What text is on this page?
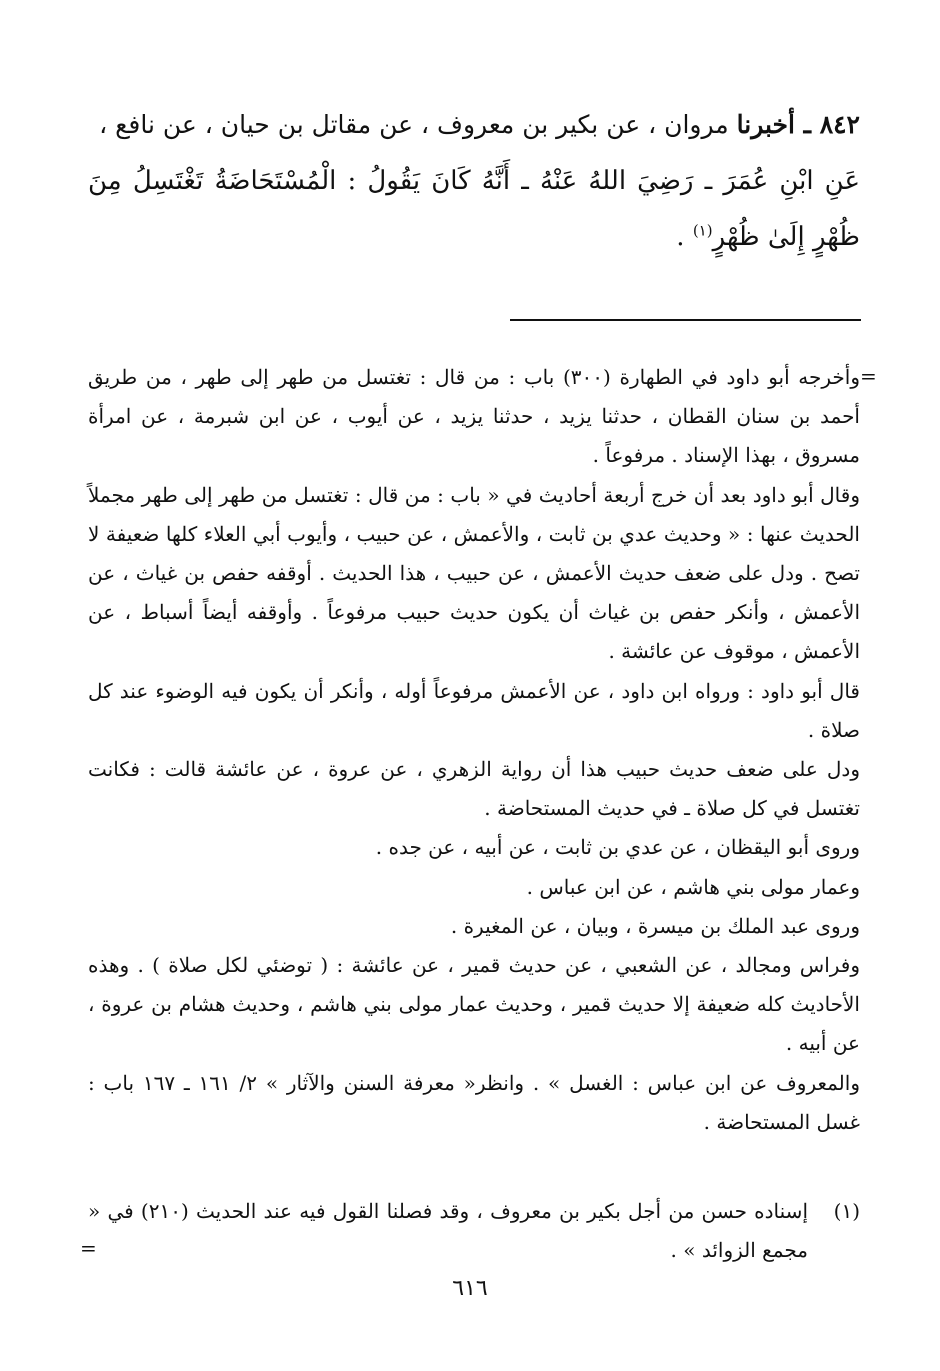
٨٤٢ ـ أخبرنا مروان ، عن بكير بن معروف ، عن مقاتل بن حيان ، عن نافع ،

عَنِ ابْنِ عُمَرَ ـ رَضِيَ اللهُ عَنْهُ ـ أَنَّهُ كَانَ يَقُولُ : الْمُسْتَحَاضَةُ تَغْتَسِلُ مِنَ ظُهْرٍ إِلَىٰ ظُهْرٍ$^{(١)}$ .

=

وأخرجه أبو داود في الطهارة (٣٠٠) باب : من قال : تغتسل من طهر إلى طهر ، من طريق أحمد بن سنان القطان ، حدثنا يزيد ، حدثنا يزيد ، عن أيوب ، عن ابن شبرمة ، عن امرأة مسروق ، بهذا الإسناد . مرفوعاً .

وقال أبو داود بعد أن خرج أربعة أحاديث في « باب : من قال : تغتسل من طهر إلى طهر مجملاً الحديث عنها : « وحديث عدي بن ثابت ، والأعمش ، عن حبيب ، وأيوب أبي العلاء كلها ضعيفة لا تصح . ودل على ضعف حديث الأعمش ، عن حبيب ، هذا الحديث . أوقفه حفص بن غياث ، عن الأعمش ، وأنكر حفص بن غياث أن يكون حديث حبيب مرفوعاً . وأوقفه أيضاً أسباط ، عن الأعمش ، موقوف عن عائشة .

قال أبو داود : ورواه ابن داود ، عن الأعمش مرفوعاً أوله ، وأنكر أن يكون فيه الوضوء عند كل صلاة .

ودل على ضعف حديث حبيب هذا أن رواية الزهري ، عن عروة ، عن عائشة قالت : فكانت تغتسل في كل صلاة ـ في حديث المستحاضة .

وروى أبو اليقظان ، عن عدي بن ثابت ، عن أبيه ، عن جده .

وعمار مولى بني هاشم ، عن ابن عباس .

وروى عبد الملك بن ميسرة ، وبيان ، عن المغيرة .

وفراس ومجالد ، عن الشعبي ، عن حديث قمير ، عن عائشة : ( توضئي لكل صلاة ) . وهذه الأحاديث كله ضعيفة إلا حديث قمير ، وحديث عمار مولى بني هاشم ، وحديث هشام بن عروة ، عن أبيه .

والمعروف عن ابن عباس : الغسل » . وانظر« معرفة السنن والآثار » ٢/ ١٦١ ـ ١٦٧ باب : غسل المستحاضة .

(١)
إسناده حسن من أجل بكير بن معروف ، وقد فصلنا القول فيه عند الحديث (٢١٠) في « مجمع الزوائد » .
=
٦١٦
